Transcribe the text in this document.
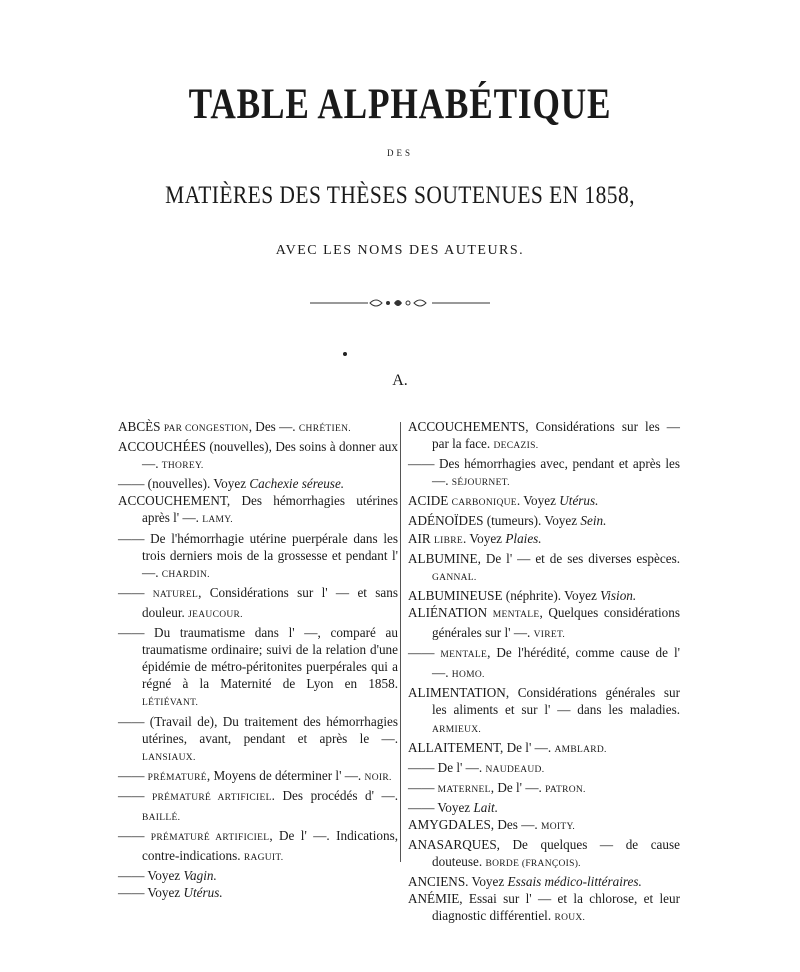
TABLE ALPHABÉTIQUE
DES
MATIÈRES DES THÈSES SOUTENUES EN 1858,
AVEC LES NOMS DES AUTEURS.
A.
ABCÈS PAR CONGESTION, Des —. CHRÉTIEN.
ACCOUCHÉES (nouvelles), Des soins à donner aux —. THOREY.
—— (nouvelles). Voyez Cachexie séreuse.
ACCOUCHEMENT, Des hémorrhagies utérines après l' —. LAMY.
—— De l'hémorrhagie utérine puerpérale dans les trois derniers mois de la grossesse et pendant l' —. CHARDIN.
—— NATUREL, Considérations sur l' — et sans douleur. JEAUCOUR.
—— Du traumatisme dans l' —, comparé au traumatisme ordinaire; suivi de la relation d'une épidémie de métro-péritonites puerpérales qui a régné à la Maternité de Lyon en 1858. LÉTIÉVANT.
—— (Travail de), Du traitement des hémorrhagies utérines, avant, pendant et après le —. LANSIAUX.
—— PRÉMATURÉ, Moyens de déterminer l' —. NOIR.
—— PRÉMATURÉ ARTIFICIEL. Des procédés d' —. BAILLÉ.
—— PRÉMATURÉ ARTIFICIEL, De l' —. Indications, contre-indications. RAGUIT.
—— Voyez Vagin.
—— Voyez Utérus.
ACCOUCHEMENTS, Considérations sur les — par la face. DECAZIS.
—— Des hémorrhagies avec, pendant et après les —. SÉJOURNET.
ACIDE CARBONIQUE. Voyez Utérus.
ADÉNOÏDES (tumeurs). Voyez Sein.
AIR LIBRE. Voyez Plaies.
ALBUMINE, De l' — et de ses diverses espèces. GANNAL.
ALBUMINEUSE (néphrite). Voyez Vision.
ALIÉNATION MENTALE, Quelques considérations générales sur l' —. VIRET.
—— MENTALE, De l'hérédité, comme cause de l' —. HOMO.
ALIMENTATION, Considérations générales sur les aliments et sur l' — dans les maladies. ARMIEUX.
ALLAITEMENT, De l' —. AMBLARD.
—— De l' —. NAUDEAUD.
—— MATERNEL, De l' —. PATRON.
—— Voyez Lait.
AMYGDALES, Des —. MOITY.
ANASARQUES, De quelques — de cause douteuse. BORDE (FRANÇOIS).
ANCIENS. Voyez Essais médico-littéraires.
ANÉMIE, Essai sur l' — et la chlorose, et leur diagnostic différentiel. ROUX.
